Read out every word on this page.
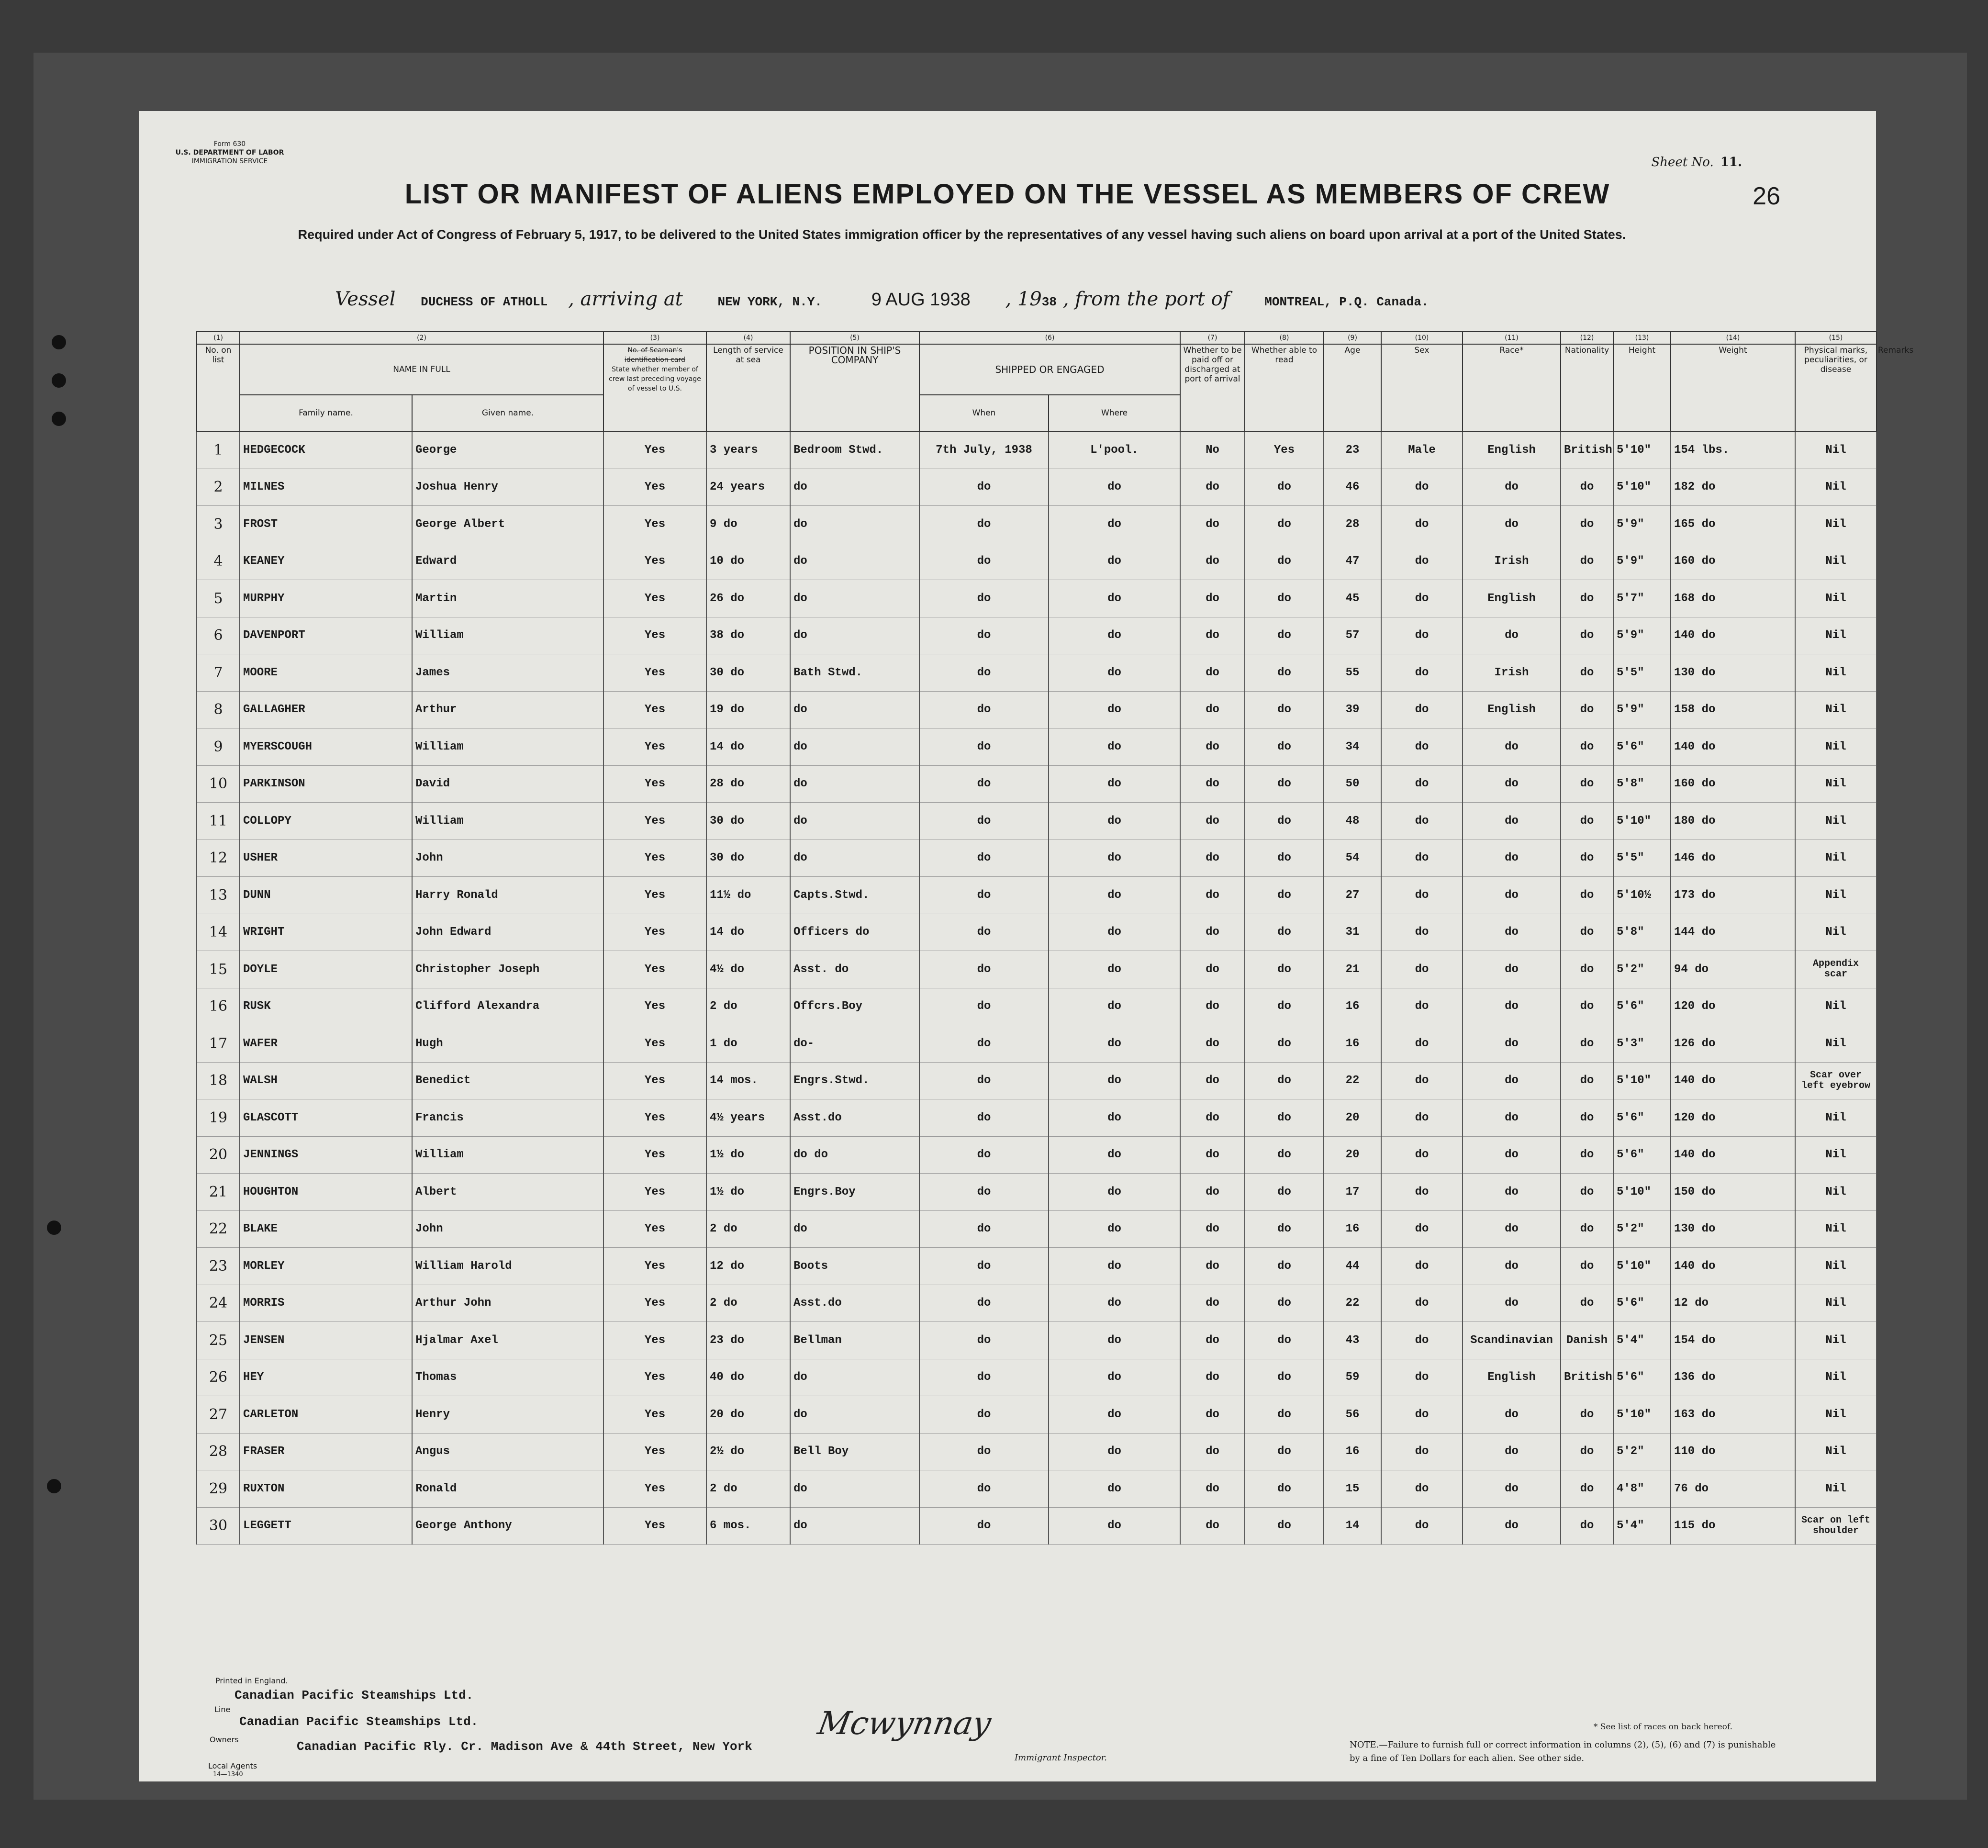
Form 630
U.S. DEPARTMENT OF LABOR
IMMIGRATION SERVICE	Sheet No. 11.
26
LIST OR MANIFEST OF ALIENS EMPLOYED ON THE VESSEL AS MEMBERS OF CREW
Required under Act of Congress of February 5, 1917, to be delivered to the United States immigration officer by the representatives of any vessel having such aliens on board upon arrival at a port of the United States.
Vessel DUCHESS OF ATHOLL , arriving at	NEW YORK, N.Y.	9 AUG 1938 , 1938 , from the port of	MONTREAL, P.Q. Canada.
(1)	(2)		(3)	(4)	(5)	(6)		(7)	(8)	(9)	(10)	(11)	(12)	(13)	(14)	(15)	
No. on list	NAME IN FULL		No. of Seaman's identification card
State whether member of crew last preceding voyage of vessel to U.S.	Length of service at sea	POSITION IN SHIP'S COMPANY	SHIPPED OR ENGAGED		Whether to be paid off or discharged at port of arrival	Whether able to read	Age	Sex	Race*	Nationality	Height	Weight	Physical marks, peculiarities, or disease	
	Family name.	Given name.				When	Where										
1	HEDGECOCK	George	Yes	3 years	Bedroom Stwd.	7th July, 1938	L'pool.	No	Yes	23	Male	English	British	5'10"	154 lbs.	Nil	
2	MILNES	Joshua Henry	Yes	24 years	do	do	do	do	do	46	do	do	do	5'10"	182 do	Nil	
3	FROST	George Albert	Yes	9 do	do	do	do	do	do	28	do	do	do	5'9"	165 do	Nil	
4	KEANEY	Edward	Yes	10 do	do	do	do	do	do	47	do	Irish	do	5'9"	160 do	Nil	
5	MURPHY	Martin	Yes	26 do	do	do	do	do	do	45	do	English	do	5'7"	168 do	Nil	
6	DAVENPORT	William	Yes	38 do	do	do	do	do	do	57	do	do	do	5'9"	140 do	Nil	
7	MOORE	James	Yes	30 do	Bath Stwd.	do	do	do	do	55	do	Irish	do	5'5"	130 do	Nil	
8	GALLAGHER	Arthur	Yes	19 do	do	do	do	do	do	39	do	English	do	5'9"	158 do	Nil	
9	MYERSCOUGH	William	Yes	14 do	do	do	do	do	do	34	do	do	do	5'6"	140 do	Nil	
10	PARKINSON	David	Yes	28 do	do	do	do	do	do	50	do	do	do	5'8"	160 do	Nil	
11	COLLOPY	William	Yes	30 do	do	do	do	do	do	48	do	do	do	5'10"	180 do	Nil	
12	USHER	John	Yes	30 do	do	do	do	do	do	54	do	do	do	5'5"	146 do	Nil	
13	DUNN	Harry Ronald	Yes	11½ do	Capts.Stwd.	do	do	do	do	27	do	do	do	5'10½	173 do	Nil	
14	WRIGHT	John Edward	Yes	14 do	Officers do	do	do	do	do	31	do	do	do	5'8"	144 do	Nil	
15	DOYLE	Christopher Joseph	Yes	4½ do	Asst. do	do	do	do	do	21	do	do	do	5'2"	94 do	Appendix scar	
16	RUSK	Clifford Alexandra	Yes	2 do	Offcrs.Boy	do	do	do	do	16	do	do	do	5'6"	120 do	Nil	
17	WAFER	Hugh	Yes	1 do	do-	do	do	do	do	16	do	do	do	5'3"	126 do	Nil	
18	WALSH	Benedict	Yes	14 mos.	Engrs.Stwd.	do	do	do	do	22	do	do	do	5'10"	140 do	Scar over left eyebrow	
19	GLASCOTT	Francis	Yes	4½ years	Asst.do	do	do	do	do	20	do	do	do	5'6"	120 do	Nil	
20	JENNINGS	William	Yes	1½ do	do do	do	do	do	do	20	do	do	do	5'6"	140 do	Nil	
21	HOUGHTON	Albert	Yes	1½ do	Engrs.Boy	do	do	do	do	17	do	do	do	5'10"	150 do	Nil	
22	BLAKE	John	Yes	2 do	do	do	do	do	do	16	do	do	do	5'2"	130 do	Nil	
23	MORLEY	William Harold	Yes	12 do	Boots	do	do	do	do	44	do	do	do	5'10"	140 do	Nil	
24	MORRIS	Arthur John	Yes	2 do	Asst.do	do	do	do	do	22	do	do	do	5'6"	12 do	Nil	
25	JENSEN	Hjalmar Axel	Yes	23 do	Bellman	do	do	do	do	43	do	Scandinavian	Danish	5'4"	154 do	Nil	
26	HEY	Thomas	Yes	40 do	do	do	do	do	do	59	do	English	British	5'6"	136 do	Nil	
27	CARLETON	Henry	Yes	20 do	do	do	do	do	do	56	do	do	do	5'10"	163 do	Nil	
28	FRASER	Angus	Yes	2½ do	Bell Boy	do	do	do	do	16	do	do	do	5'2"	110 do	Nil	
29	RUXTON	Ronald	Yes	2 do	do	do	do	do	do	15	do	do	do	4'8"	76 do	Nil	
30	LEGGETT	George Anthony	Yes	6 mos.	do	do	do	do	do	14	do	do	do	5'4"	115 do	Scar on left shoulder	
Printed in England.
Canadian Pacific Steamships Ltd.
Line
Canadian Pacific Steamships Ltd.
Owners	Canadian Pacific Rly. Cr. Madison Ave & 44th Street, New York
Local Agents
14—1340
Mcwynnay
Immigrant Inspector.
* See list of races on back hereof.
NOTE.—Failure to furnish full or correct information in columns (2), (5), (6) and (7) is punishable by a fine of Ten Dollars for each alien. See other side.
